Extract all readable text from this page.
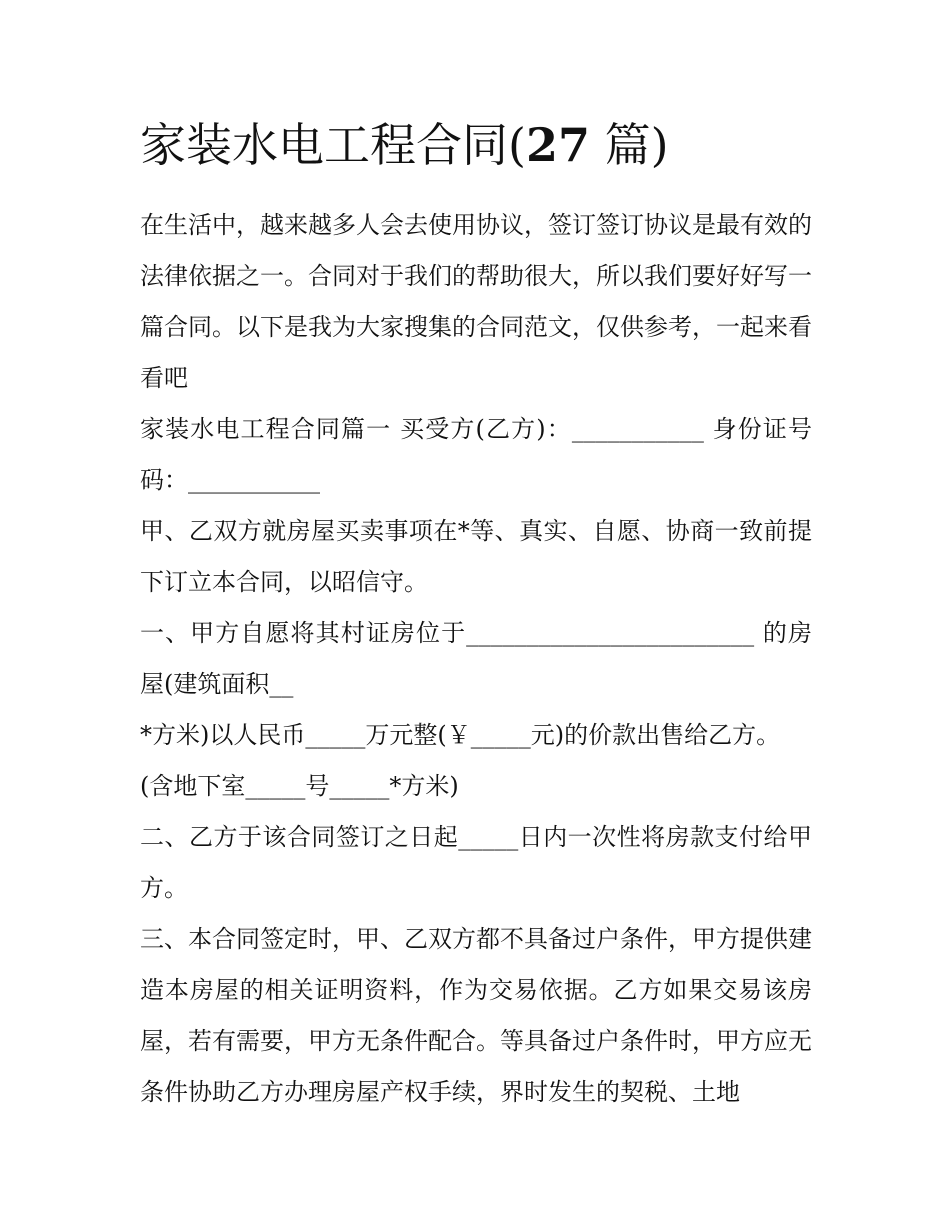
家装水电工程合同(27 篇)

在生活中，越来越多人会去使用协议，签订签订协议是最有效的法律依据之一。合同对于我们的帮助很大，所以我们要好好写一篇合同。以下是我为大家搜集的合同范文，仅供参考，一起来看看吧

家装水电工程合同篇一 买受方(乙方)：___________ 身份证号码：___________

甲、乙双方就房屋买卖事项在*等、真实、自愿、协商一致前提下订立本合同，以昭信守。

一、甲方自愿将其村证房位于________________________ 的房屋(建筑面积__

*方米)以人民币_____万元整(￥_____元)的价款出售给乙方。

(含地下室_____号_____*方米)

二、乙方于该合同签订之日起_____日内一次性将房款支付给甲方。

三、本合同签定时，甲、乙双方都不具备过户条件，甲方提供建造本房屋的相关证明资料，作为交易依据。乙方如果交易该房屋，若有需要，甲方无条件配合。等具备过户条件时，甲方应无条件协助乙方办理房屋产权手续，界时发生的契税、土地
